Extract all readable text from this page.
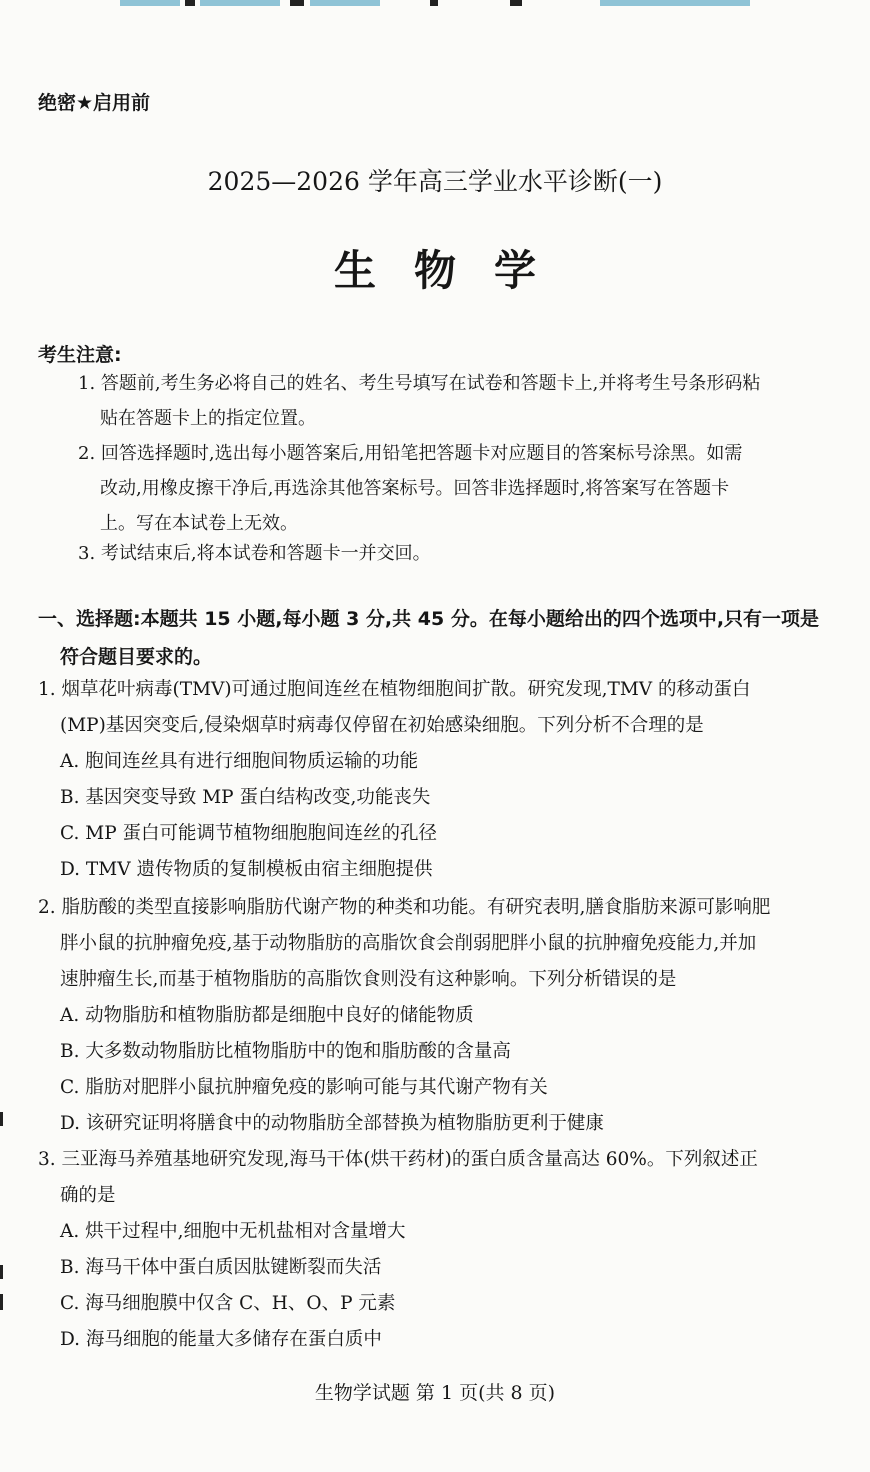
绝密★启用前
2025—2026 学年高三学业水平诊断(一)
生物学
考生注意:
1. 答题前,考生务必将自己的姓名、考生号填写在试卷和答题卡上,并将考生号条形码粘
贴在答题卡上的指定位置。
2. 回答选择题时,选出每小题答案后,用铅笔把答题卡对应题目的答案标号涂黑。如需
改动,用橡皮擦干净后,再选涂其他答案标号。回答非选择题时,将答案写在答题卡
上。写在本试卷上无效。
3. 考试结束后,将本试卷和答题卡一并交回。
一、选择题:本题共 15 小题,每小题 3 分,共 45 分。在每小题给出的四个选项中,只有一项是
符合题目要求的。
1. 烟草花叶病毒(TMV)可通过胞间连丝在植物细胞间扩散。研究发现,TMV 的移动蛋白
(MP)基因突变后,侵染烟草时病毒仅停留在初始感染细胞。下列分析不合理的是
A. 胞间连丝具有进行细胞间物质运输的功能
B. 基因突变导致 MP 蛋白结构改变,功能丧失
C. MP 蛋白可能调节植物细胞胞间连丝的孔径
D. TMV 遗传物质的复制模板由宿主细胞提供
2. 脂肪酸的类型直接影响脂肪代谢产物的种类和功能。有研究表明,膳食脂肪来源可影响肥
胖小鼠的抗肿瘤免疫,基于动物脂肪的高脂饮食会削弱肥胖小鼠的抗肿瘤免疫能力,并加
速肿瘤生长,而基于植物脂肪的高脂饮食则没有这种影响。下列分析错误的是
A. 动物脂肪和植物脂肪都是细胞中良好的储能物质
B. 大多数动物脂肪比植物脂肪中的饱和脂肪酸的含量高
C. 脂肪对肥胖小鼠抗肿瘤免疫的影响可能与其代谢产物有关
D. 该研究证明将膳食中的动物脂肪全部替换为植物脂肪更利于健康
3. 三亚海马养殖基地研究发现,海马干体(烘干药材)的蛋白质含量高达 60%。下列叙述正
确的是
A. 烘干过程中,细胞中无机盐相对含量增大
B. 海马干体中蛋白质因肽键断裂而失活
C. 海马细胞膜中仅含 C、H、O、P 元素
D. 海马细胞的能量大多储存在蛋白质中
生物学试题 第 1 页(共 8 页)
